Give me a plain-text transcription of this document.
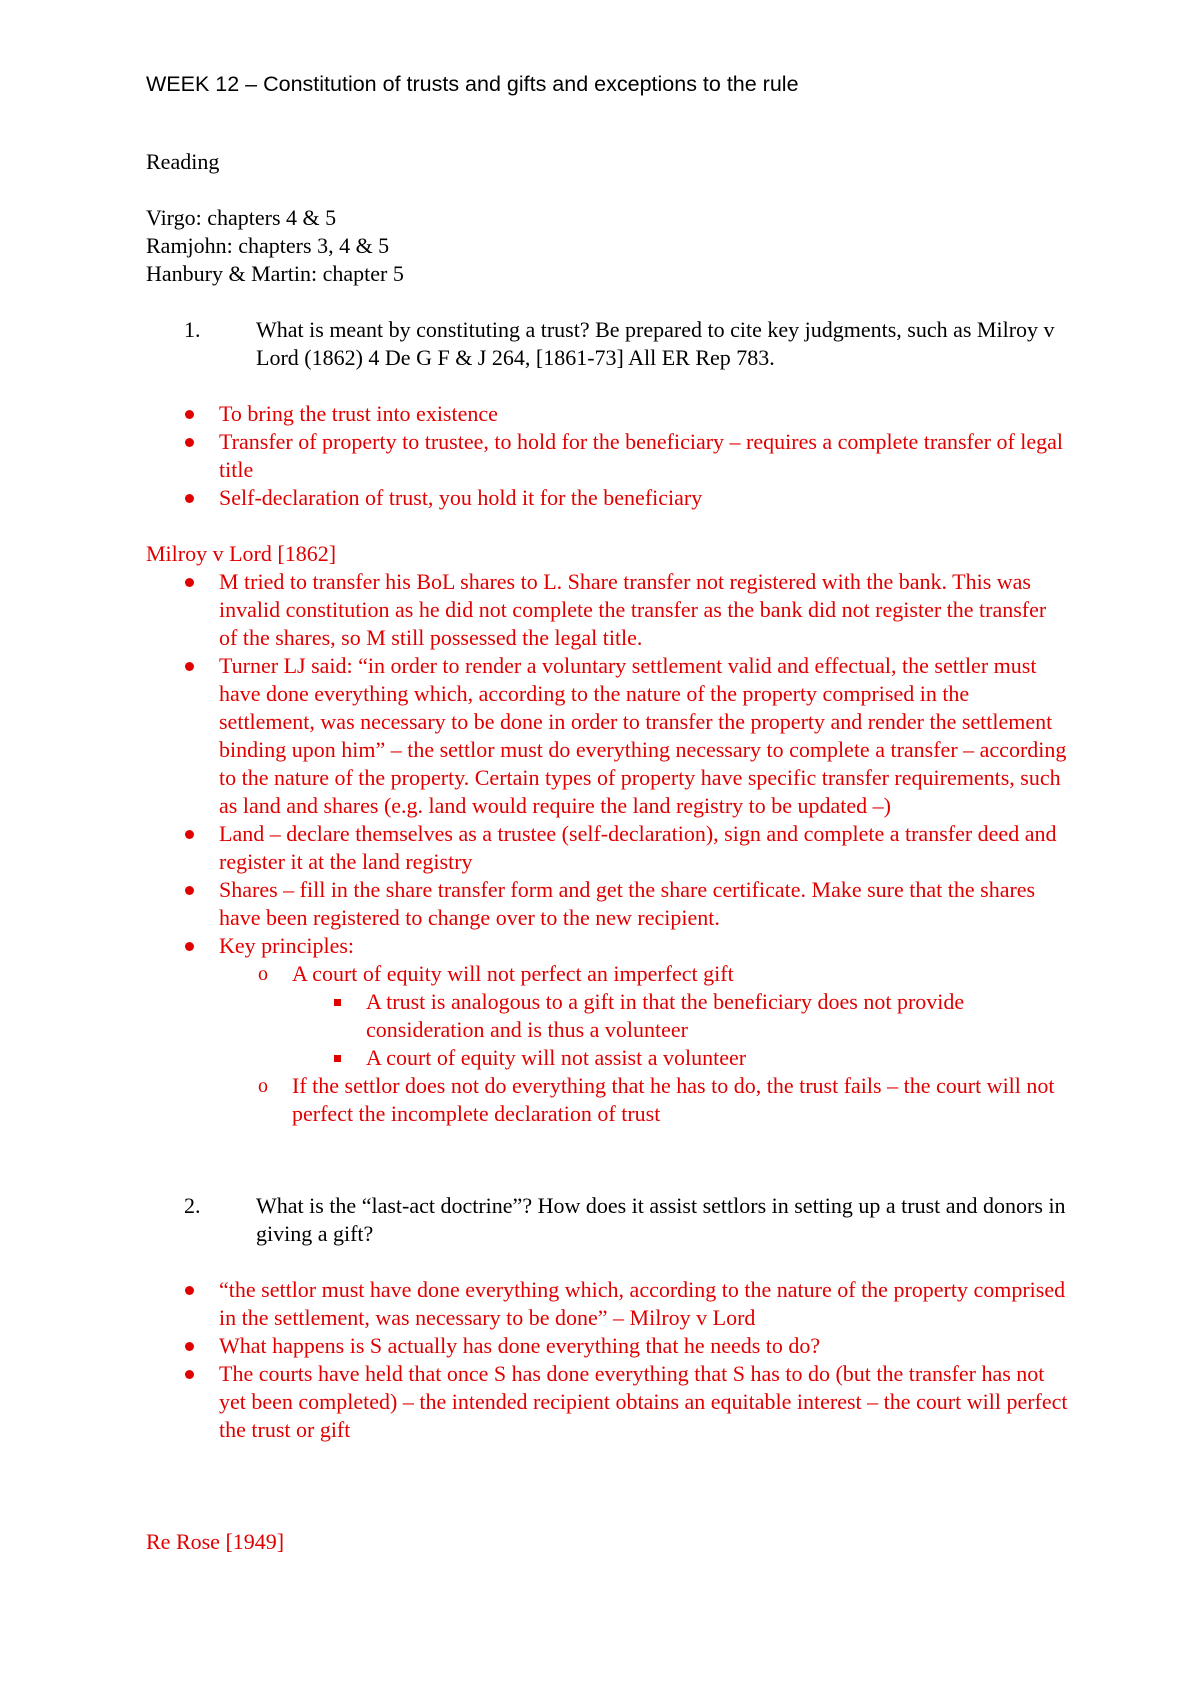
WEEK 12 – Constitution of trusts and gifts and exceptions to the rule
Reading
Virgo: chapters 4 & 5
Ramjohn: chapters 3, 4 & 5
Hanbury & Martin: chapter 5
1.	What is meant by constituting a trust? Be prepared to cite key judgments, such as Milroy v Lord (1862) 4 De G F & J 264, [1861-73] All ER Rep 783.
To bring the trust into existence
Transfer of property to trustee, to hold for the beneficiary – requires a complete transfer of legal title
Self-declaration of trust, you hold it for the beneficiary
Milroy v Lord [1862]
M tried to transfer his BoL shares to L. Share transfer not registered with the bank. This was invalid constitution as he did not complete the transfer as the bank did not register the transfer of the shares, so M still possessed the legal title.
Turner LJ said: “in order to render a voluntary settlement valid and effectual, the settler must have done everything which, according to the nature of the property comprised in the settlement, was necessary to be done in order to transfer the property and render the settlement binding upon him” – the settlor must do everything necessary to complete a transfer – according to the nature of the property. Certain types of property have specific transfer requirements, such as land and shares (e.g. land would require the land registry to be updated –)
Land – declare themselves as a trustee (self-declaration), sign and complete a transfer deed and register it at the land registry
Shares – fill in the share transfer form and get the share certificate. Make sure that the shares have been registered to change over to the new recipient.
Key principles:
o A court of equity will not perfect an imperfect gift
A trust is analogous to a gift in that the beneficiary does not provide consideration and is thus a volunteer
A court of equity will not assist a volunteer
o If the settlor does not do everything that he has to do, the trust fails – the court will not perfect the incomplete declaration of trust
2.	What is the “last-act doctrine”? How does it assist settlors in setting up a trust and donors in giving a gift?
“the settlor must have done everything which, according to the nature of the property comprised in the settlement, was necessary to be done” – Milroy v Lord
What happens is S actually has done everything that he needs to do?
The courts have held that once S has done everything that S has to do (but the transfer has not yet been completed) – the intended recipient obtains an equitable interest – the court will perfect the trust or gift
Re Rose [1949]
